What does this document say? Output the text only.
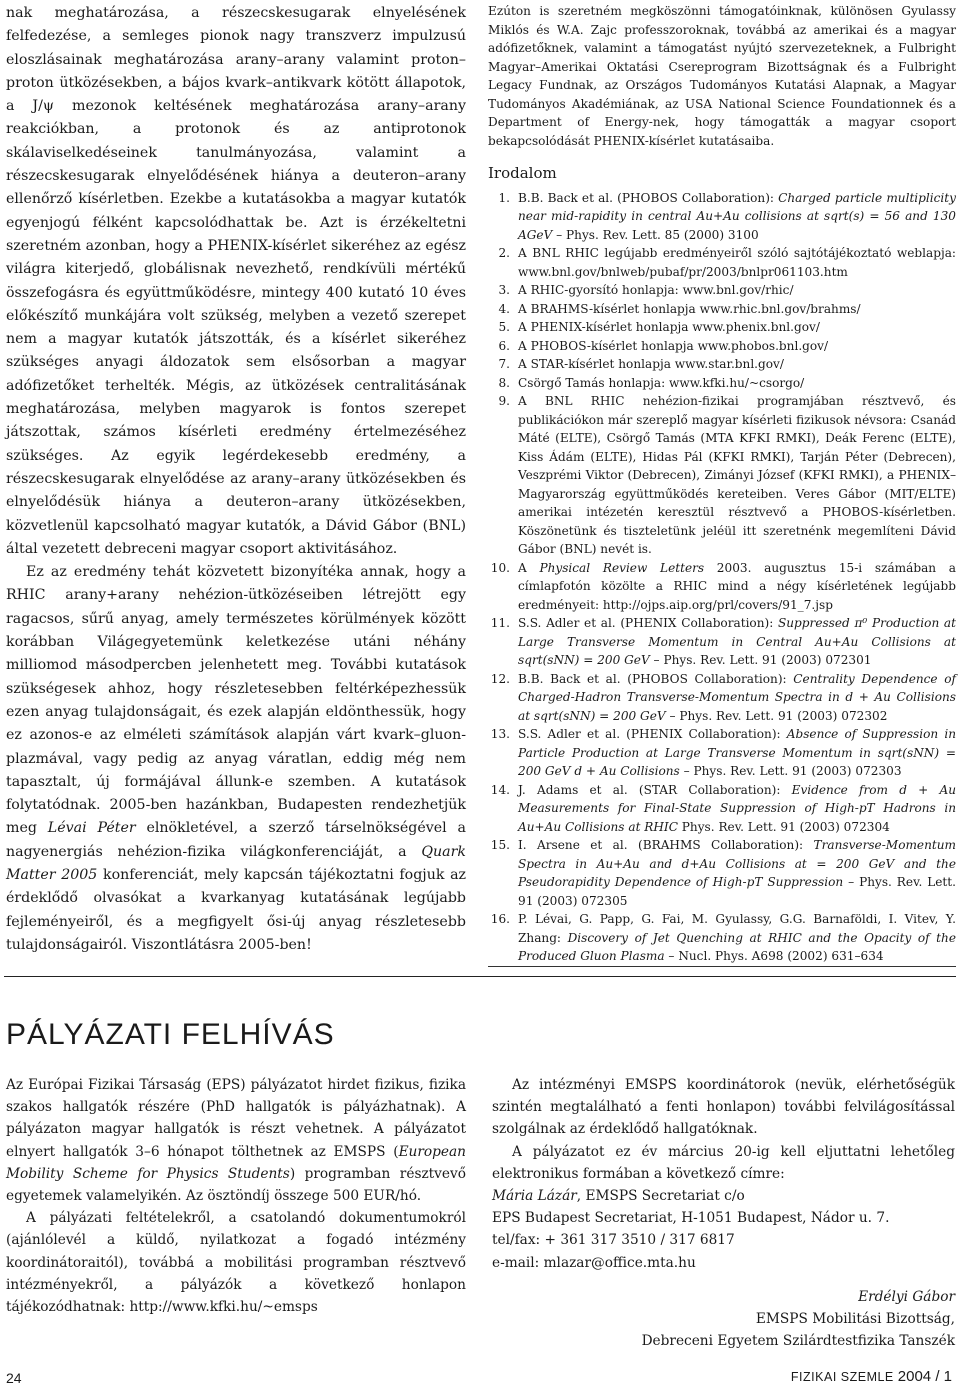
nak meghatározása, a részecskesugarak elnyelésének felfedezése, a semleges pionok nagy transzverz impulzusú eloszlásainak meghatározása arany–arany valamint proton–proton ütközésekben, a bájos kvark–antikvark kötött állapotok, a J/ψ mezonok keltésének meghatározása arany–arany reakciókban, a protonok és az antiprotonok skálaviselkedéseinek tanulmányozása, valamint a részecskesugarak elnyelődésének hiánya a deuteron–arany ellenőrző kísérletben. Ezekbe a kutatásokba a magyar kutatók egyenjogú félként kapcsolódhattak be. Azt is érzékeltetni szeretném azonban, hogy a PHENIX-kísérlet sikeréhez az egész világra kiterjedő, globálisnak nevezhető, rendkívüli mértékű összefogásra és együttműködésre, mintegy 400 kutató 10 éves előkészítő munkájára volt szükség, melyben a vezető szerepet nem a magyar kutatók játszották, és a kísérlet sikeréhez szükséges anyagi áldozatok sem elsősorban a magyar adófizetőket terhelték. Mégis, az ütközések centralitásának meghatározása, melyben magyarok is fontos szerepet játszottak, számos kísérleti eredmény értelmezéséhez szükséges. Az egyik legérdekesebb eredmény, a részecskesugarak elnyelődése az arany–arany ütközésekben és elnyelődésük hiánya a deuteron–arany ütközésekben, közvetlenül kapcsolható magyar kutatók, a Dávid Gábor (BNL) által vezetett debreceni magyar csoport aktivitásához.

Ez az eredmény tehát közvetett bizonyítéka annak, hogy a RHIC arany+arany nehézion-ütközéseiben létrejött egy ragacsos, sűrű anyag, amely természetes körülmények között korábban Világegyetemünk keletkezése utáni néhány milliomod másodpercben jelenhetett meg. További kutatások szükségesek ahhoz, hogy részletesebben feltérképezhessük ezen anyag tulajdonságait, és ezek alapján eldönthessük, hogy ez azonos-e az elméleti számítások alapján várt kvark–gluon-plazmával, vagy pedig az anyag váratlan, eddig még nem tapasztalt, új formájával állunk-e szemben. A kutatások folytatódnak. 2005-ben hazánkban, Budapesten rendezhetjük meg Lévai Péter elnökletével, a szerző társelnökségével a nagyenergiás nehézion-fizika világkonferenciáját, a Quark Matter 2005 konferenciát, mely kapcsán tájékoztatni fogjuk az érdeklődő olvasókat a kvarkanyag kutatásának legújabb fejleményeiről, és a megfigyelt ősi-új anyag részletesebb tulajdonságairól. Viszontlátásra 2005-ben!

Ezúton is szeretném megköszönni támogatóinknak, különösen Gyulassy Miklós és W.A. Zajc professzoroknak, továbbá az amerikai és a magyar adófizetőknek, valamint a támogatást nyújtó szervezeteknek, a Fulbright Magyar–Amerikai Oktatási Csereprogram Bizottságnak és a Fulbright Legacy Fundnak, az Országos Tudományos Kutatási Alapnak, a Magyar Tudományos Akadémiának, az USA National Science Foundationnek és a Department of Energy-nek, hogy támogatták a magyar csoport bekapcsolódását PHENIX-kísérlet kutatásaiba.

Irodalom
1. B.B. Back et al. (PHOBOS Collaboration): Charged particle multiplicity near mid-rapidity in central Au+Au collisions at sqrt(s) = 56 and 130 AGeV – Phys. Rev. Lett. 85 (2000) 3100
2. A BNL RHIC legújabb eredményeiről szóló sajtótájékoztató weblapja: www.bnl.gov/bnlweb/pubaf/pr/2003/bnlpr061103.htm
3. A RHIC-gyorsító honlapja: www.bnl.gov/rhic/
4. A BRAHMS-kísérlet honlapja www.rhic.bnl.gov/brahms/
5. A PHENIX-kísérlet honlapja www.phenix.bnl.gov/
6. A PHOBOS-kísérlet honlapja www.phobos.bnl.gov/
7. A STAR-kísérlet honlapja www.star.bnl.gov/
8. Csörgő Tamás honlapja: www.kfki.hu/~csorgo/
9. A BNL RHIC nehézion-fizikai programjában résztvevő, és publikációkon már szereplő magyar kísérleti fizikusok névsora: Csanád Máté (ELTE), Csörgő Tamás (MTA KFKI RMKI), Deák Ferenc (ELTE), Kiss Ádám (ELTE), Hidas Pál (KFKI RMKI), Tarján Péter (Debrecen), Veszprémi Viktor (Debrecen), Zimányi József (KFKI RMKI), a PHENIX–Magyarország együttműködés kereteiben. Veres Gábor (MIT/ELTE) amerikai intézetén keresztül résztvevő a PHOBOS-kísérletben. Köszönetünk és tiszteletünk jeléül itt szeretnénk megemlíteni Dávid Gábor (BNL) nevét is.
10. A Physical Review Letters 2003. augusztus 15-i számában a címlapfotón közölte a RHIC mind a négy kísérletének legújabb eredményeit: http://ojps.aip.org/prl/covers/91_7.jsp
11. S.S. Adler et al. (PHENIX Collaboration): Suppressed π⁰ Production at Large Transverse Momentum in Central Au+Au Collisions at sqrt(sNN) = 200 GeV – Phys. Rev. Lett. 91 (2003) 072301
12. B.B. Back et al. (PHOBOS Collaboration): Centrality Dependence of Charged-Hadron Transverse-Momentum Spectra in d + Au Collisions at sqrt(sNN) = 200 GeV – Phys. Rev. Lett. 91 (2003) 072302
13. S.S. Adler et al. (PHENIX Collaboration): Absence of Suppression in Particle Production at Large Transverse Momentum in sqrt(sNN) = 200 GeV d + Au Collisions – Phys. Rev. Lett. 91 (2003) 072303
14. J. Adams et al. (STAR Collaboration): Evidence from d + Au Measurements for Final-State Suppression of High-pT Hadrons in Au+Au Collisions at RHIC Phys. Rev. Lett. 91 (2003) 072304
15. I. Arsene et al. (BRAHMS Collaboration): Transverse-Momentum Spectra in Au+Au and d+Au Collisions at = 200 GeV and the Pseudorapidity Dependence of High-pT Suppression – Phys. Rev. Lett. 91 (2003) 072305
16. P. Lévai, G. Papp, G. Fai, M. Gyulassy, G.G. Barnaföldi, I. Vitev, Y. Zhang: Discovery of Jet Quenching at RHIC and the Opacity of the Produced Gluon Plasma – Nucl. Phys. A698 (2002) 631–634
PÁLYÁZATI FELHÍVÁS

Az Európai Fizikai Társaság (EPS) pályázatot hirdet fizikus, fizika szakos hallgatók részére (PhD hallgatók is pályázhatnak). A pályázaton magyar hallgatók is részt vehetnek. A pályázatot elnyert hallgatók 3–6 hónapot tölthetnek az EMSPS (European Mobility Scheme for Physics Students) programban résztvevő egyetemek valamelyikén. Az ösztöndíj összege 500 EUR/hó.

A pályázati feltételekről, a csatolandó dokumentumokról (ajánlólevél a küldő, nyilatkozat a fogadó intézmény koordinátoraitól), továbbá a mobilitási programban résztvevő intézményekről, a pályázók a következő honlapon tájékozódhatnak: http://www.kfki.hu/~emsps

Az intézményi EMSPS koordinátorok (nevük, elérhetőségük szintén megtalálható a fenti honlapon) további felvilágosítással szolgálnak az érdeklődő hallgatóknak.

A pályázatot ez év március 20-ig kell eljuttatni lehetőleg elektronikus formában a következő címre:

Mária Lázár, EMSPS Secretariat c/o

EPS Budapest Secretariat, H-1051 Budapest, Nádor u. 7.

tel/fax: + 361 317 3510 / 317 6817

e-mail: mlazar@office.mta.hu

Erdélyi Gábor

EMSPS Mobilitási Bizottság,

Debreceni Egyetem Szilárdtestfizika Tanszék

24	FIZIKAI SZEMLE 2004 / 1
